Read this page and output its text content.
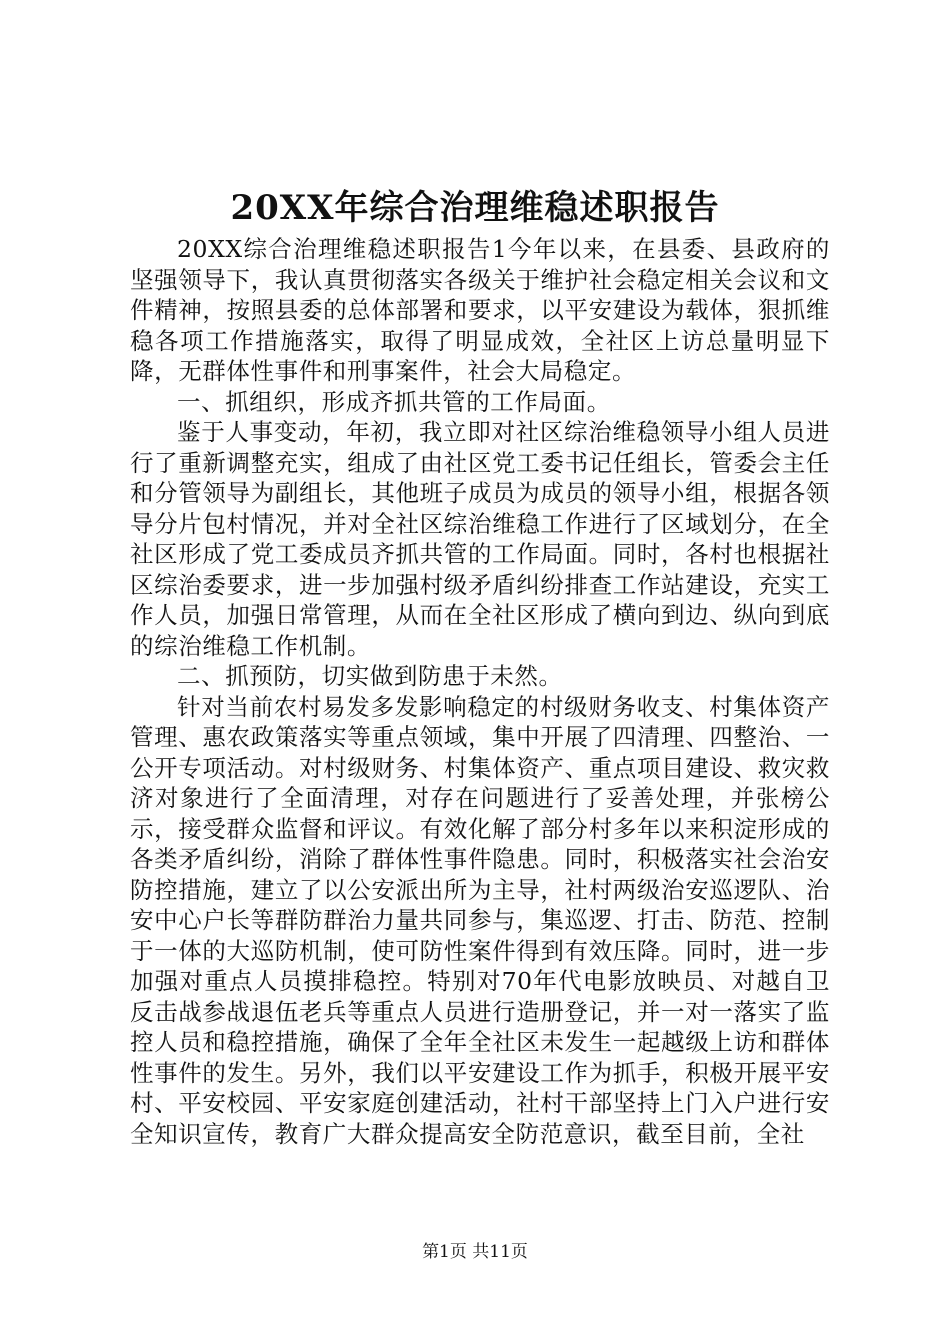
20XX年综合治理维稳述职报告

20XX综合治理维稳述职报告1今年以来，在县委、县政府的坚强领导下，我认真贯彻落实各级关于维护社会稳定相关会议和文件精神，按照县委的总体部署和要求，以平安建设为载体，狠抓维稳各项工作措施落实，取得了明显成效，全社区上访总量明显下降，无群体性事件和刑事案件，社会大局稳定。

一、抓组织，形成齐抓共管的工作局面。

鉴于人事变动，年初，我立即对社区综治维稳领导小组人员进行了重新调整充实，组成了由社区党工委书记任组长，管委会主任和分管领导为副组长，其他班子成员为成员的领导小组，根据各领导分片包村情况，并对全社区综治维稳工作进行了区域划分，在全社区形成了党工委成员齐抓共管的工作局面。同时，各村也根据社区综治委要求，进一步加强村级矛盾纠纷排查工作站建设，充实工作人员，加强日常管理，从而在全社区形成了横向到边、纵向到底的综治维稳工作机制。

二、抓预防，切实做到防患于未然。

针对当前农村易发多发影响稳定的村级财务收支、村集体资产管理、惠农政策落实等重点领域，集中开展了四清理、四整治、一公开专项活动。对村级财务、村集体资产、重点项目建设、救灾救济对象进行了全面清理，对存在问题进行了妥善处理，并张榜公示，接受群众监督和评议。有效化解了部分村多年以来积淀形成的各类矛盾纠纷，消除了群体性事件隐患。同时，积极落实社会治安防控措施，建立了以公安派出所为主导，社村两级治安巡逻队、治安中心户长等群防群治力量共同参与，集巡逻、打击、防范、控制于一体的大巡防机制，使可防性案件得到有效压降。同时，进一步加强对重点人员摸排稳控。特别对70年代电影放映员、对越自卫反击战参战退伍老兵等重点人员进行造册登记，并一对一落实了监控人员和稳控措施，确保了全年全社区未发生一起越级上访和群体性事件的发生。另外，我们以平安建设工作为抓手，积极开展平安村、平安校园、平安家庭创建活动，社村干部坚持上门入户进行安全知识宣传，教育广大群众提高安全防范意识，截至目前，全社

第1页 共11页
